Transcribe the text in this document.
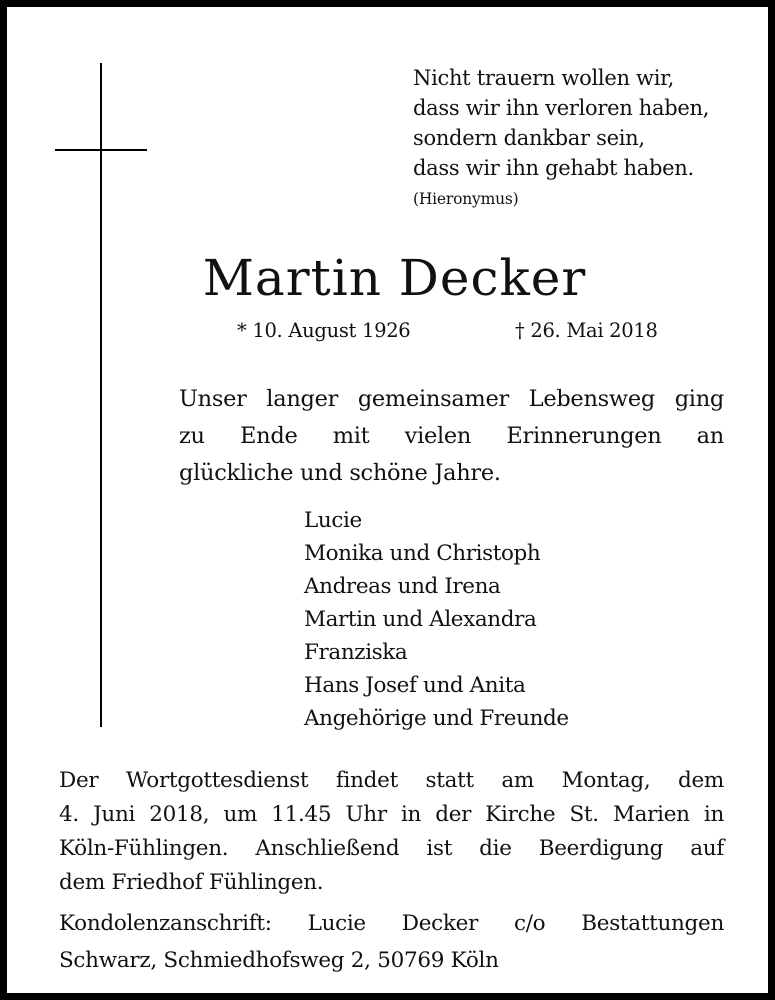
Nicht trauern wollen wir,
dass wir ihn verloren haben,
sondern dankbar sein,
dass wir ihn gehabt haben.
(Hieronymus)
Martin Decker
* 10. August 1926	† 26. Mai 2018
Unser langer gemeinsamer Lebensweg ging
zu Ende mit vielen Erinnerungen an
glückliche und schöne Jahre.
Lucie
Monika und Christoph
Andreas und Irena
Martin und Alexandra
Franziska
Hans Josef und Anita
Angehörige und Freunde
Der Wortgottesdienst findet statt am Montag, dem
4. Juni 2018, um 11.45 Uhr in der Kirche St. Marien in
Köln-Fühlingen. Anschließend ist die Beerdigung auf
dem Friedhof Fühlingen.
Kondolenzanschrift: Lucie Decker c/o Bestattungen
Schwarz, Schmiedhofsweg 2, 50769 Köln
